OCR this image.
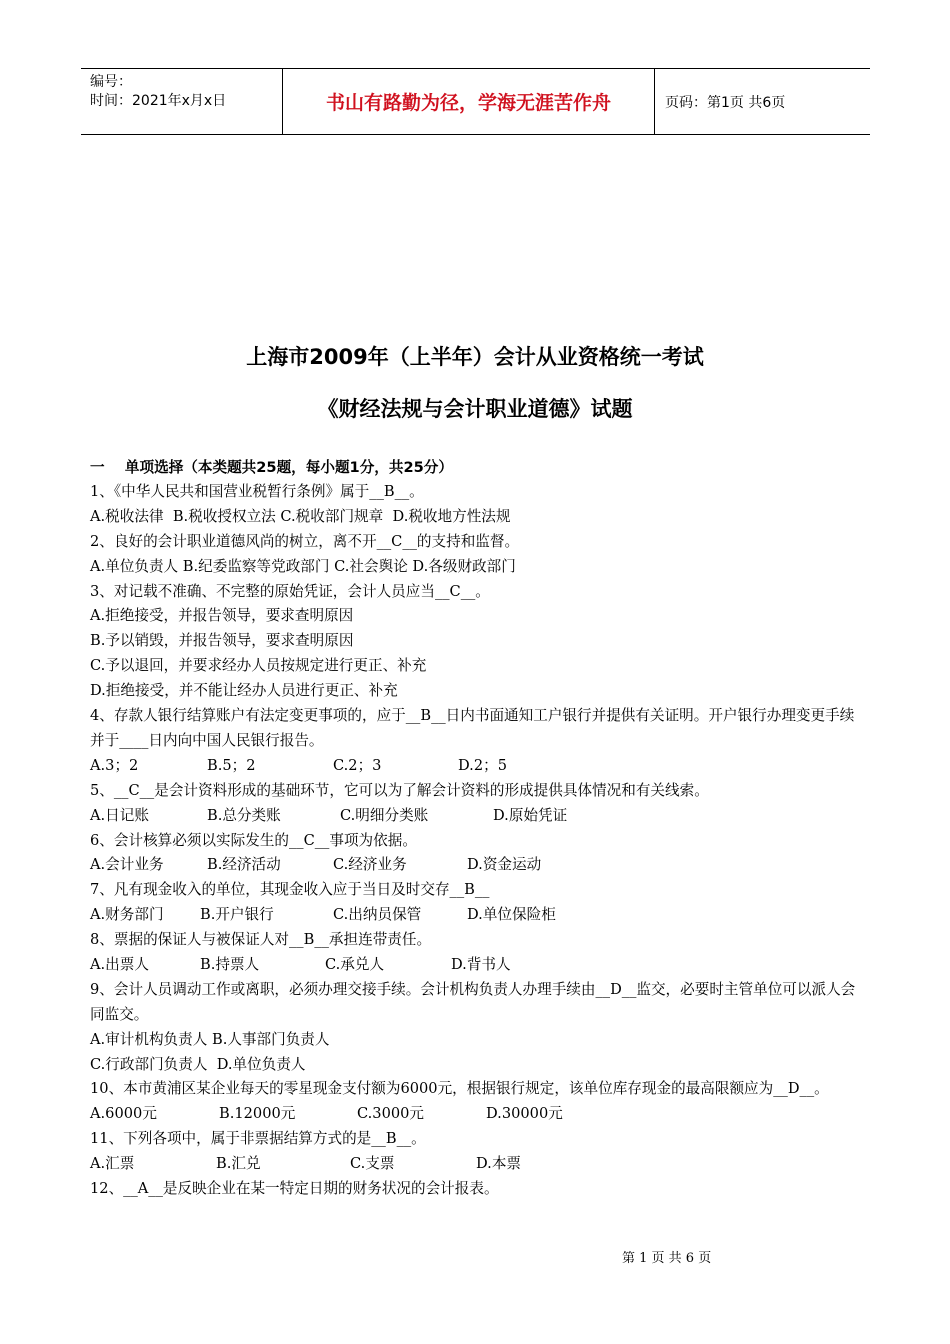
编号：
时间：2021年x月x日	书山有路勤为径，学海无涯苦作舟	页码：第1页 共6页
上海市2009年（上半年）会计从业资格统一考试
《财经法规与会计职业道德》试题
一    单项选择（本类题共25题，每小题1分，共25分）
1、《中华人民共和国营业税暂行条例》属于__B__。
A.税收法律  B.税收授权立法 C.税收部门规章  D.税收地方性法规
2、良好的会计职业道德风尚的树立，离不开__C__的支持和监督。
A.单位负责人 B.纪委监察等党政部门 C.社会舆论 D.各级财政部门
3、对记载不准确、不完整的原始凭证，会计人员应当__C__。
A.拒绝接受，并报告领导，要求查明原因
B.予以销毁，并报告领导，要求查明原因
C.予以退回，并要求经办人员按规定进行更正、补充
D.拒绝接受，并不能让经办人员进行更正、补充
4、存款人银行结算账户有法定变更事项的，应于__B__日内书面通知工户银行并提供有关证明。开户银行办理变更手续并于____日内向中国人民银行报告。
A.3；2	B.5；2	C.2；3	D.2；5
5、__C__是会计资料形成的基础环节，它可以为了解会计资料的形成提供具体情况和有关线索。
A.日记账	B.总分类账	C.明细分类账	D.原始凭证
6、会计核算必须以实际发生的__C__事项为依据。
A.会计业务	B.经济活动	C.经济业务	D.资金运动
7、凡有现金收入的单位，其现金收入应于当日及时交存__B__
A.财务部门	B.开户银行	C.出纳员保管	D.单位保险柜
8、票据的保证人与被保证人对__B__承担连带责任。
A.出票人	B.持票人	C.承兑人	D.背书人
9、会计人员调动工作或离职，必须办理交接手续。会计机构负责人办理手续由__D__监交，必要时主管单位可以派人会同监交。
A.审计机构负责人 B.人事部门负责人
C.行政部门负责人  D.单位负责人
10、本市黄浦区某企业每天的零星现金支付额为6000元，根据银行规定，该单位库存现金的最高限额应为__D__。
A.6000元	B.12000元	C.3000元	D.30000元
11、下列各项中，属于非票据结算方式的是__B__。
A.汇票	B.汇兑	C.支票	D.本票
12、__A__是反映企业在某一特定日期的财务状况的会计报表。
第 1 页 共 6 页
